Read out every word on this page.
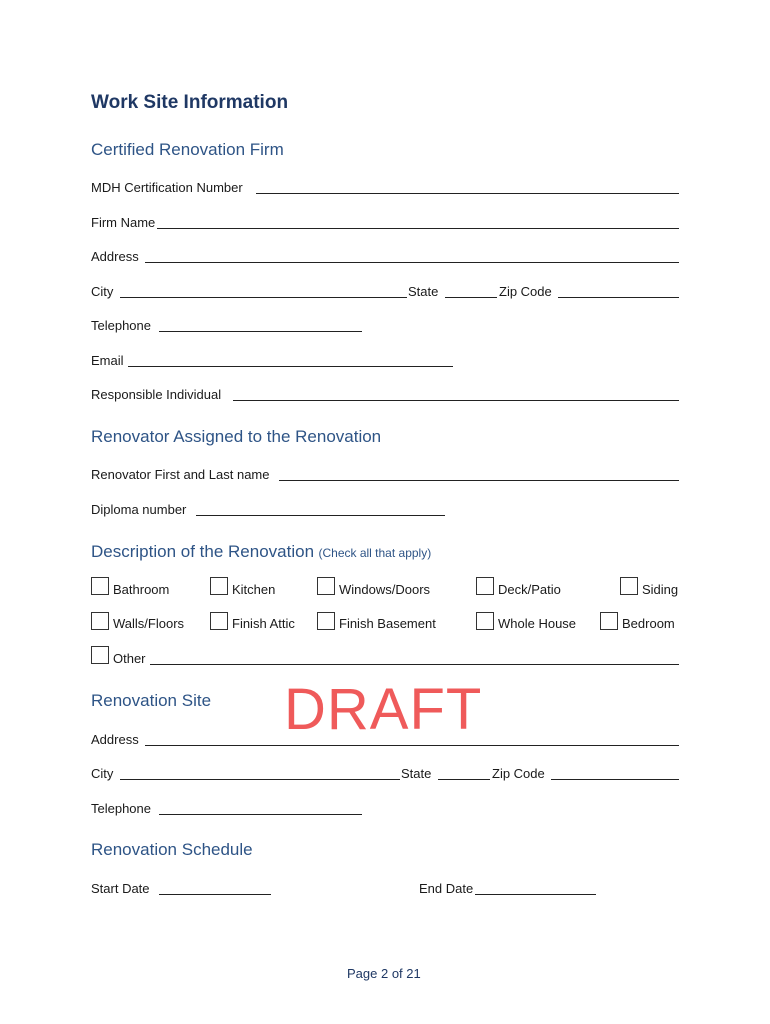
Work Site Information
Certified Renovation Firm
MDH Certification Number
Firm Name
Address
City	State	Zip Code
Telephone
Email
Responsible Individual
Renovator Assigned to the Renovation
Renovator First and Last name
Diploma number
Description of the Renovation (Check all that apply)
Bathroom	Kitchen	Windows/Doors	Deck/Patio	Siding
Walls/Floors	Finish Attic	Finish Basement	Whole House	Bedroom
Other
Renovation Site DRAFT
Address
City	State	Zip Code
Telephone
Renovation Schedule
Start Date	End Date
Page 2 of 21
